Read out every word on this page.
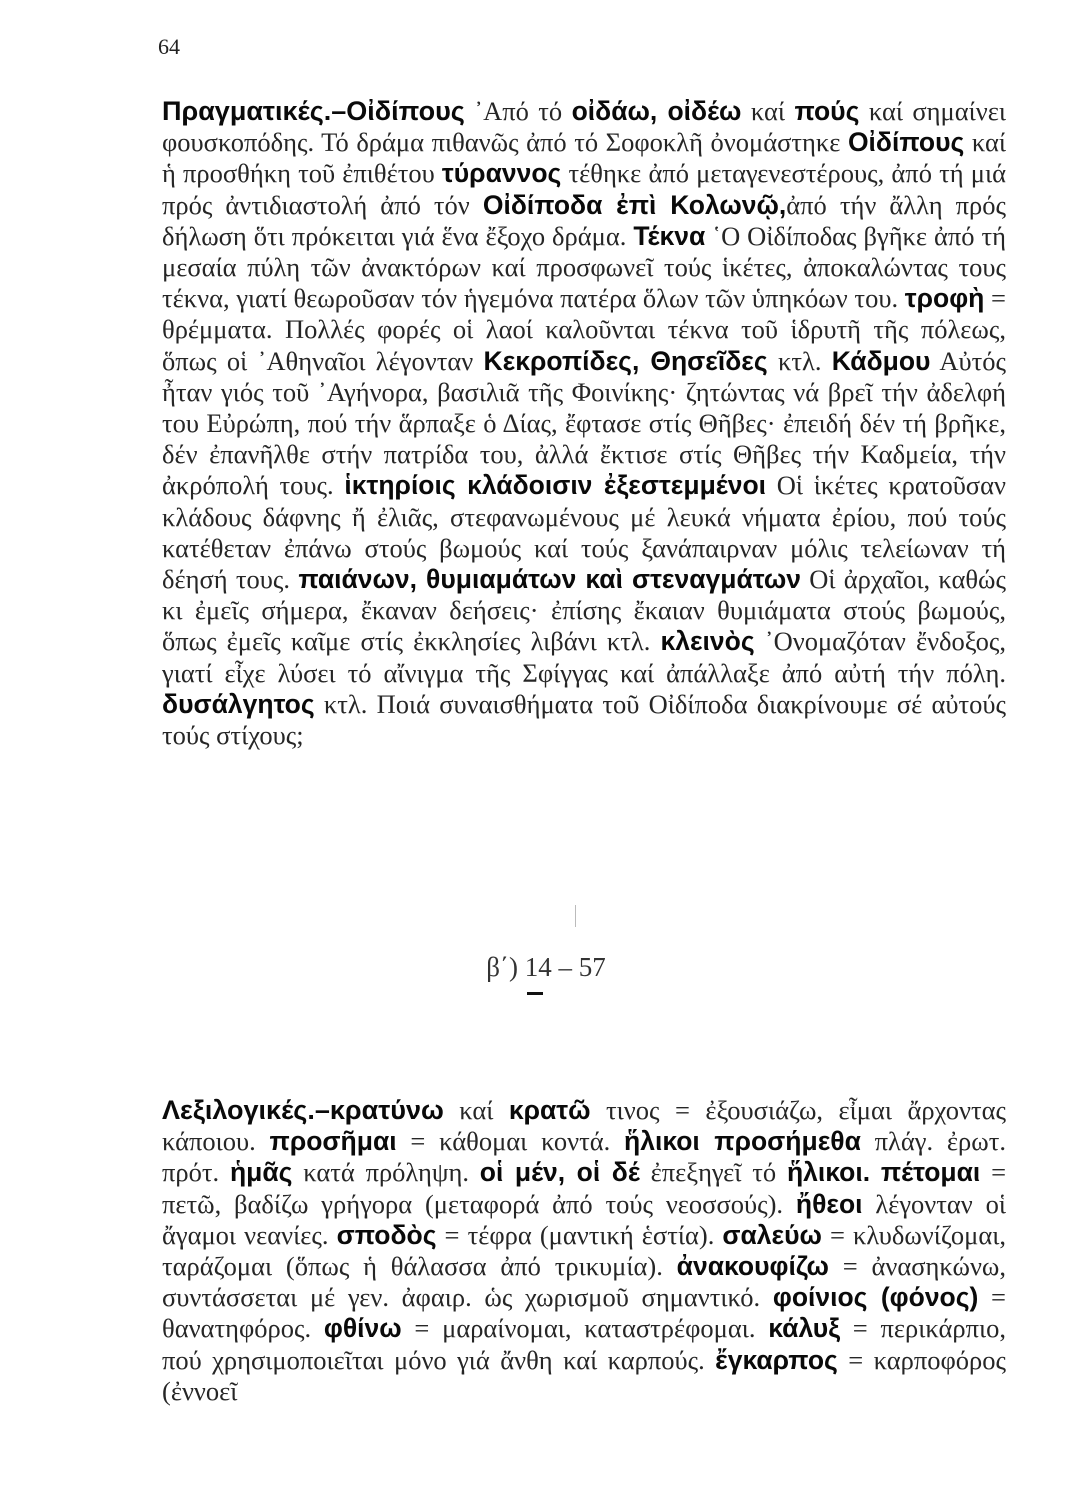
64
Πραγματικές.–Οἰδίπους ᾿Από τό οἰδάω, οἰδέω καί πούς καί σημαίνει φουσκοπόδης. Τό δράμα πιθανῶς ἀπό τό Σοφοκλῆ ὀνομάστηκε Οἰδίπους καί ἡ προσθήκη τοῦ ἐπιθέτου τύραννος τέθηκε ἀπό μεταγενεστέρους, ἀπό τή μιά πρός ἀντιδιαστολή ἀπό τόν Οἰδίποδα ἐπὶ Κολωνῷ,ἀπό τήν ἄλλη πρός δήλωση ὅτι πρόκειται γιά ἕνα ἔξοχο δράμα. Τέκνα ῾Ο Οἰδίποδας βγῆκε ἀπό τή μεσαία πύλη τῶν ἀνακτόρων καί προσφωνεῖ τούς ἱκέτες, ἀποκαλώντας τους τέκνα, γιατί θεωροῦσαν τόν ἡγεμόνα πατέρα ὅλων τῶν ὑπηκόων του. τροφὴ = θρέμματα. Πολλές φορές οἱ λαοί καλοῦνται τέκνα τοῦ ἱδρυτῆ τῆς πόλεως, ὅπως οἱ ᾿Αθηναῖοι λέγονταν Κεκροπίδες, Θησεῖδες κτλ. Κάδμου Αὐτός ἦταν γιός τοῦ ᾿Αγήνορα, βασιλιᾶ τῆς Φοινίκης· ζητώντας νά βρεῖ τήν ἀδελφή του Εὐρώπη, πού τήν ἅρπαξε ὁ Δίας, ἔφτασε στίς Θῆβες· ἐπειδή δέν τή βρῆκε, δέν ἐπανῆλθε στήν πατρίδα του, ἀλλά ἔκτισε στίς Θῆβες τήν Καδμεία, τήν ἀκρόπολή τους. ἱκτηρίοις κλάδοισιν ἐξεστεμμένοι Οἱ ἱκέτες κρατοῦσαν κλάδους δάφνης ἤ ἐλιᾶς, στεφανωμένους μέ λευκά νήματα ἐρίου, πού τούς κατέθεταν ἐπάνω στούς βωμούς καί τούς ξανάπαιρναν μόλις τελείωναν τή δέησή τους. παιάνων, θυμιαμάτων καὶ στεναγμάτων Οἱ ἀρχαῖοι, καθώς κι ἐμεῖς σήμερα, ἔκαναν δεήσεις· ἐπίσης ἔκαιαν θυμιάματα στούς βωμούς, ὅπως ἐμεῖς καῖμε στίς ἐκκλησίες λιβάνι κτλ. κλεινὸς ᾿Ονομαζόταν ἔνδοξος, γιατί εἶχε λύσει τό αἴνιγμα τῆς Σφίγγας καί ἀπάλλαξε ἀπό αὐτή τήν πόλη. δυσάλγητος κτλ. Ποιά συναισθήματα τοῦ Οἰδίποδα διακρίνουμε σέ αὐτούς τούς στίχους;
β΄) 14 – 57
Λεξιλογικές.–κρατύνω καί κρατῶ τινος = ἐξουσιάζω, εἶμαι ἄρχοντας κάποιου. προσῆμαι = κάθομαι κοντά. ἥλικοι προσήμεθα πλάγ. ἐρωτ. πρότ. ἡμᾶς κατά πρόληψη. οἱ μέν, οἱ δέ ἐπεξηγεῖ τό ἥλικοι. πέτομαι = πετῶ, βαδίζω γρήγορα (μεταφορά ἀπό τούς νεοσσούς). ἤθεοι λέγονταν οἱ ἄγαμοι νεανίες. σποδὸς = τέφρα (μαντική ἑστία). σαλεύω = κλυδωνίζομαι, ταράζομαι (ὅπως ἡ θάλασσα ἀπό τρικυμία). ἀνακουφίζω = ἀνασηκώνω, συντάσσεται μέ γεν. ἀφαιρ. ὡς χωρισμοῦ σημαντικό. φοίνιος (φόνος) = θανατηφόρος. φθίνω = μαραίνομαι, καταστρέφομαι. κάλυξ = περικάρπιο, πού χρησιμοποιεῖται μόνο γιά ἄνθη καί καρπούς. ἔγκαρπος = καρποφόρος (ἐννοεῖ
